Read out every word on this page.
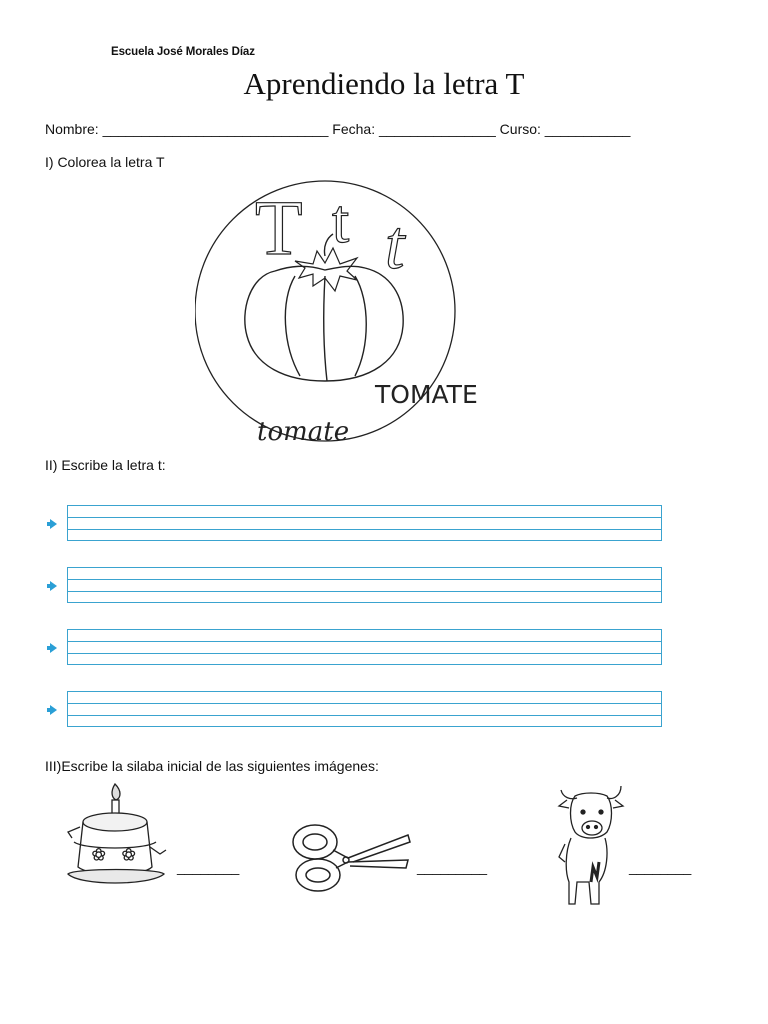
Escuela José Morales Díaz
Aprendiendo la letra T
Nombre: _____________________________ Fecha: _______________ Curso: ___________
I) Colorea la letra T
T t t
TOMATE
tomate
II) Escribe la letra t:
III)Escribe la silaba inicial de las siguientes imágenes:
✿ ✿
________	_________	________
